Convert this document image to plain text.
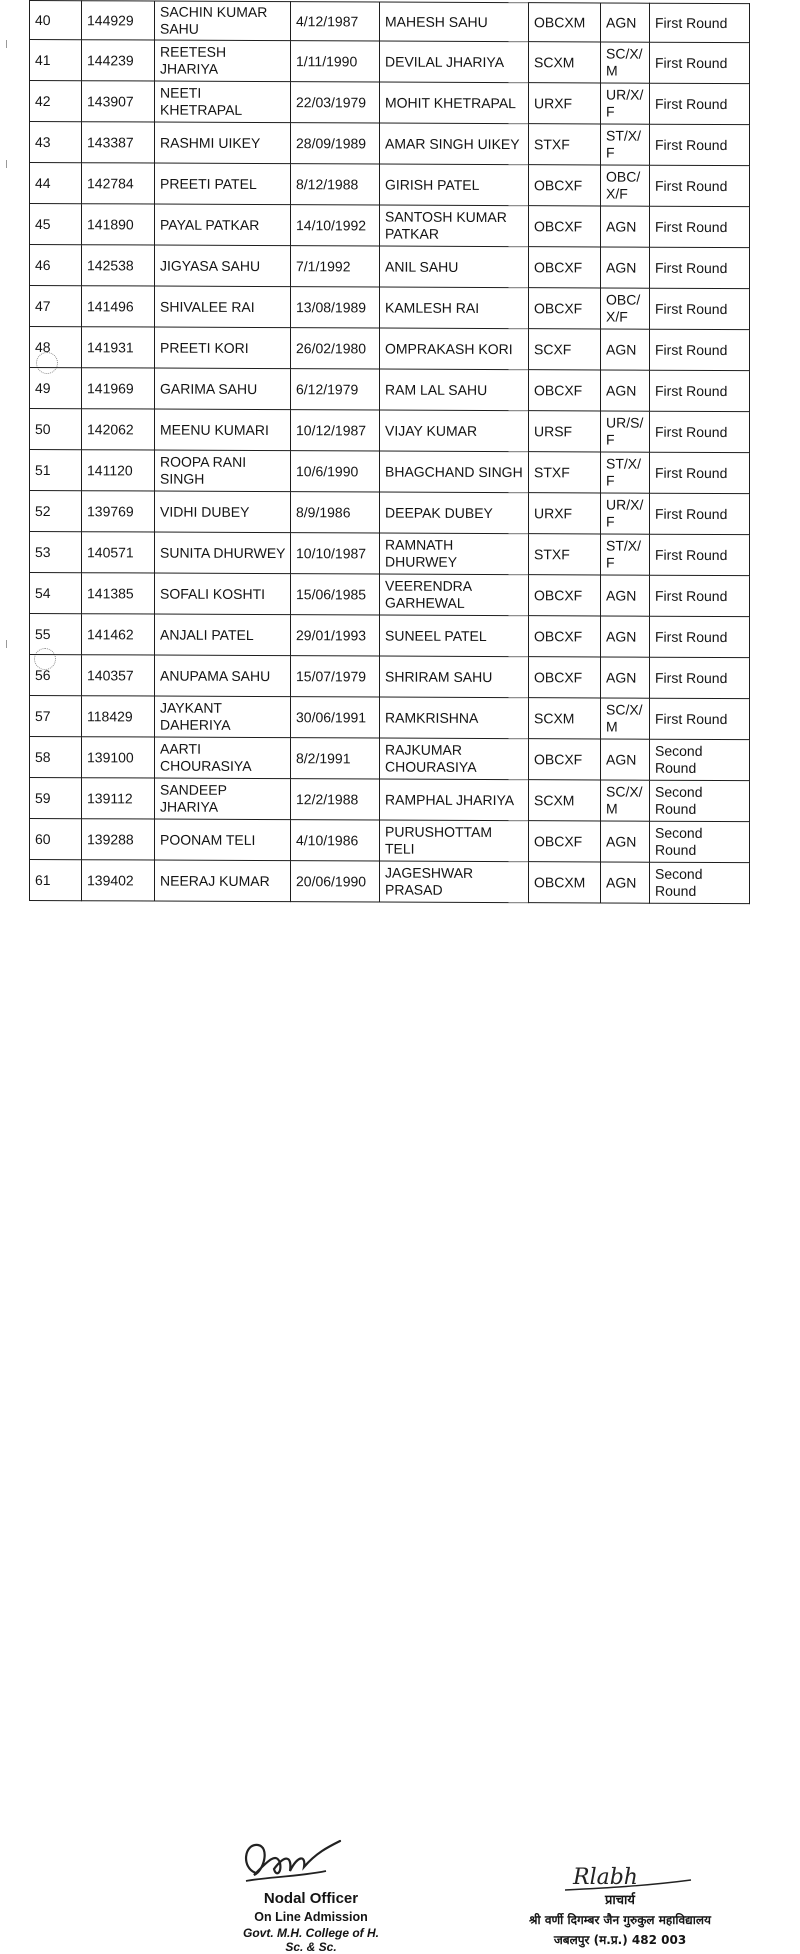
40	144929	SACHIN KUMAR SAHU	4/12/1987	MAHESH SAHU	OBCXM	AGN	First Round
41	144239	REETESH JHARIYA	1/11/1990	DEVILAL JHARIYA	SCXM	SC/X/M	First Round
42	143907	NEETI KHETRAPAL	22/03/1979	MOHIT KHETRAPAL	URXF	UR/X/F	First Round
43	143387	RASHMI UIKEY	28/09/1989	AMAR SINGH UIKEY	STXF	ST/X/F	First Round
44	142784	PREETI PATEL	8/12/1988	GIRISH PATEL	OBCXF	OBC/X/F	First Round
45	141890	PAYAL PATKAR	14/10/1992	SANTOSH KUMAR PATKAR	OBCXF	AGN	First Round
46	142538	JIGYASA SAHU	7/1/1992	ANIL SAHU	OBCXF	AGN	First Round
47	141496	SHIVALEE RAI	13/08/1989	KAMLESH RAI	OBCXF	OBC/X/F	First Round
48	141931	PREETI KORI	26/02/1980	OMPRAKASH KORI	SCXF	AGN	First Round
49	141969	GARIMA SAHU	6/12/1979	RAM LAL SAHU	OBCXF	AGN	First Round
50	142062	MEENU KUMARI	10/12/1987	VIJAY KUMAR	URSF	UR/S/F	First Round
51	141120	ROOPA RANI SINGH	10/6/1990	BHAGCHAND SINGH	STXF	ST/X/F	First Round
52	139769	VIDHI DUBEY	8/9/1986	DEEPAK DUBEY	URXF	UR/X/F	First Round
53	140571	SUNITA DHURWEY	10/10/1987	RAMNATH DHURWEY	STXF	ST/X/F	First Round
54	141385	SOFALI KOSHTI	15/06/1985	VEERENDRA GARHEWAL	OBCXF	AGN	First Round
55	141462	ANJALI PATEL	29/01/1993	SUNEEL PATEL	OBCXF	AGN	First Round
56	140357	ANUPAMA SAHU	15/07/1979	SHRIRAM SAHU	OBCXF	AGN	First Round
57	118429	JAYKANT DAHERIYA	30/06/1991	RAMKRISHNA	SCXM	SC/X/M	First Round
58	139100	AARTI CHOURASIYA	8/2/1991	RAJKUMAR CHOURASIYA	OBCXF	AGN	Second Round
59	139112	SANDEEP JHARIYA	12/2/1988	RAMPHAL JHARIYA	SCXM	SC/X/M	Second Round
60	139288	POONAM TELI	4/10/1986	PURUSHOTTAM TELI	OBCXF	AGN	Second Round
61	139402	NEERAJ KUMAR	20/06/1990	JAGESHWAR PRASAD	OBCXM	AGN	Second Round
Nodal Officer
On Line Admission
Govt. M.H. College of H. Sc. & Sc.
Rlabh
प्राचार्य
श्री वर्णी दिगम्बर जैन गुरुकुल महाविद्यालय
जबलपुर (म.प्र.) 482 003
